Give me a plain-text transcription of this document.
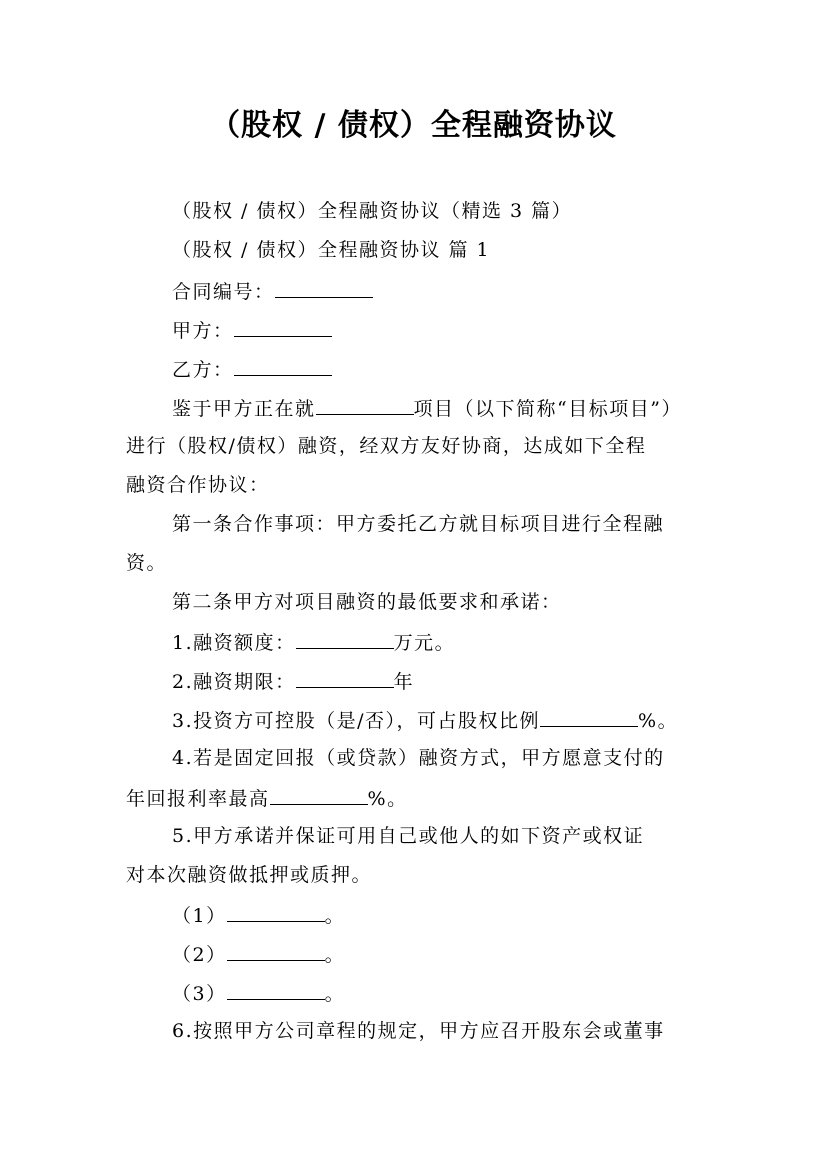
（股权 / 债权）全程融资协议
（股权 / 债权）全程融资协议（精选 3 篇）
（股权 / 债权）全程融资协议 篇 1
合同编号：
甲方：
乙方：
鉴于甲方正在就	项目（以下简称“目标项目”）
进行（股权/债权）融资，经双方友好协商，达成如下全程
融资合作协议：
第一条合作事项：甲方委托乙方就目标项目进行全程融
资。
第二条甲方对项目融资的最低要求和承诺：
1.融资额度：	万元。
2.融资期限：	年
3.投资方可控股（是/否），可占股权比例	%。
4.若是固定回报（或贷款）融资方式，甲方愿意支付的
年回报利率最高	%。
5.甲方承诺并保证可用自己或他人的如下资产或权证
对本次融资做抵押或质押。
（1）	。
（2）	。
（3）	。
6.按照甲方公司章程的规定，甲方应召开股东会或董事
